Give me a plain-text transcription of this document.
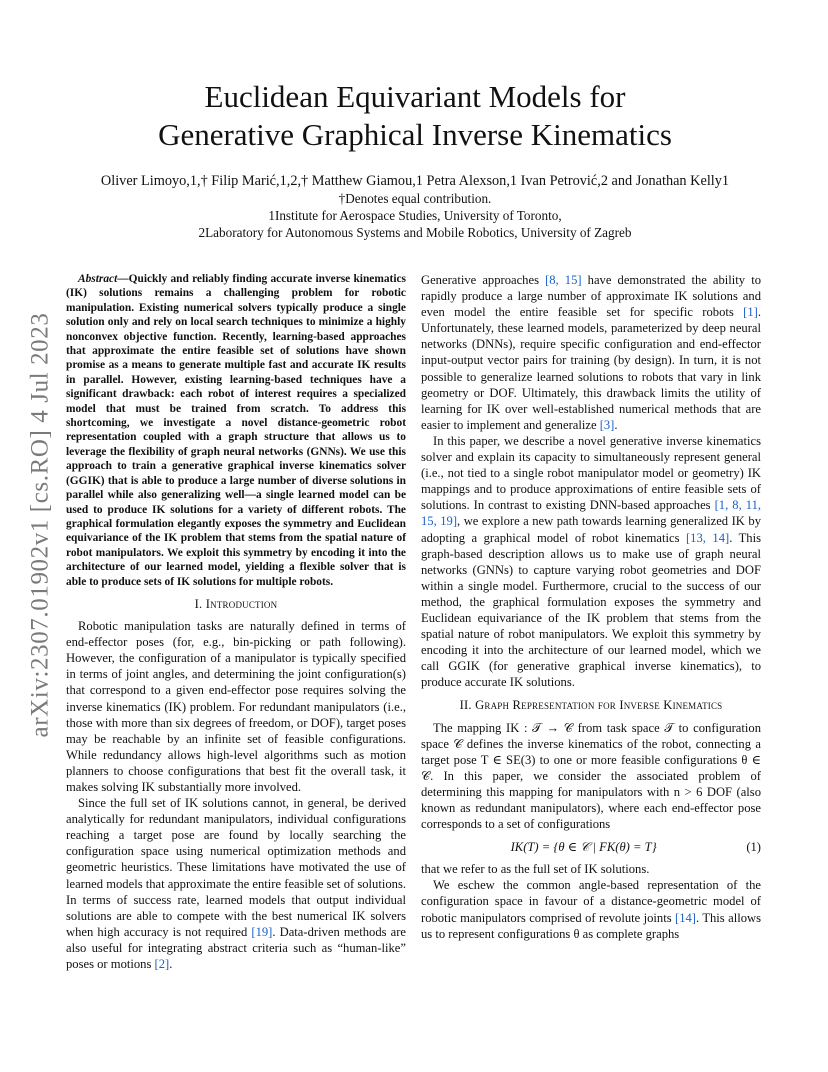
arXiv:2307.01902v1 [cs.RO] 4 Jul 2023
Euclidean Equivariant Models for
Generative Graphical Inverse Kinematics
Oliver Limoyo,1,† Filip Marić,1,2,† Matthew Giamou,1 Petra Alexson,1 Ivan Petrović,2 and Jonathan Kelly1
†Denotes equal contribution.
1Institute for Aerospace Studies, University of Toronto,
2Laboratory for Autonomous Systems and Mobile Robotics, University of Zagreb

Abstract—Quickly and reliably finding accurate inverse kinematics (IK) solutions remains a challenging problem for robotic manipulation. Existing numerical solvers typically produce a single solution only and rely on local search techniques to minimize a highly nonconvex objective function. Recently, learning-based approaches that approximate the entire feasible set of solutions have shown promise as a means to generate multiple fast and accurate IK results in parallel. However, existing learning-based techniques have a significant drawback: each robot of interest requires a specialized model that must be trained from scratch. To address this shortcoming, we investigate a novel distance-geometric robot representation coupled with a graph structure that allows us to leverage the flexibility of graph neural networks (GNNs). We use this approach to train a generative graphical inverse kinematics solver (GGIK) that is able to produce a large number of diverse solutions in parallel while also generalizing well—a single learned model can be used to produce IK solutions for a variety of different robots. The graphical formulation elegantly exposes the symmetry and Euclidean equivariance of the IK problem that stems from the spatial nature of robot manipulators. We exploit this symmetry by encoding it into the architecture of our learned model, yielding a flexible solver that is able to produce sets of IK solutions for multiple robots.

I. Introduction

Robotic manipulation tasks are naturally defined in terms of end-effector poses (for, e.g., bin-picking or path following). However, the configuration of a manipulator is typically specified in terms of joint angles, and determining the joint configuration(s) that correspond to a given end-effector pose requires solving the inverse kinematics (IK) problem. For redundant manipulators (i.e., those with more than six degrees of freedom, or DOF), target poses may be reachable by an infinite set of feasible configurations. While redundancy allows high-level algorithms such as motion planners to choose configurations that best fit the overall task, it makes solving IK substantially more involved.

Since the full set of IK solutions cannot, in general, be derived analytically for redundant manipulators, individual configurations reaching a target pose are found by locally searching the configuration space using numerical optimization methods and geometric heuristics. These limitations have motivated the use of learned models that approximate the entire feasible set of solutions. In terms of success rate, learned models that output individual solutions are able to compete with the best numerical IK solvers when high accuracy is not required [19]. Data-driven methods are also useful for integrating abstract criteria such as “human-like” poses or motions [2].

Generative approaches [8, 15] have demonstrated the ability to rapidly produce a large number of approximate IK solutions and even model the entire feasible set for specific robots [1]. Unfortunately, these learned models, parameterized by deep neural networks (DNNs), require specific configuration and end-effector input-output vector pairs for training (by design). In turn, it is not possible to generalize learned solutions to robots that vary in link geometry or DOF. Ultimately, this drawback limits the utility of learning for IK over well-established numerical methods that are easier to implement and generalize [3].

In this paper, we describe a novel generative inverse kinematics solver and explain its capacity to simultaneously represent general (i.e., not tied to a single robot manipulator model or geometry) IK mappings and to produce approximations of entire feasible sets of solutions. In contrast to existing DNN-based approaches [1, 8, 11, 15, 19], we explore a new path towards learning generalized IK by adopting a graphical model of robot kinematics [13, 14]. This graph-based description allows us to make use of graph neural networks (GNNs) to capture varying robot geometries and DOF within a single model. Furthermore, crucial to the success of our method, the graphical formulation exposes the symmetry and Euclidean equivariance of the IK problem that stems from the spatial nature of robot manipulators. We exploit this symmetry by encoding it into the architecture of our learned model, which we call GGIK (for generative graphical inverse kinematics), to produce accurate IK solutions.

II. Graph Representation for Inverse Kinematics

The mapping IK : 𝒯 → 𝒞 from task space 𝒯 to configuration space 𝒞 defines the inverse kinematics of the robot, connecting a target pose T ∈ SE(3) to one or more feasible configurations θ ∈ 𝒞. In this paper, we consider the associated problem of determining this mapping for manipulators with n > 6 DOF (also known as redundant manipulators), where each end-effector pose corresponds to a set of configurations

IK(T) = {θ ∈ 𝒞 | FK(θ) = T}	(1)

that we refer to as the full set of IK solutions.

We eschew the common angle-based representation of the configuration space in favour of a distance-geometric model of robotic manipulators comprised of revolute joints [14]. This allows us to represent configurations θ as complete graphs
